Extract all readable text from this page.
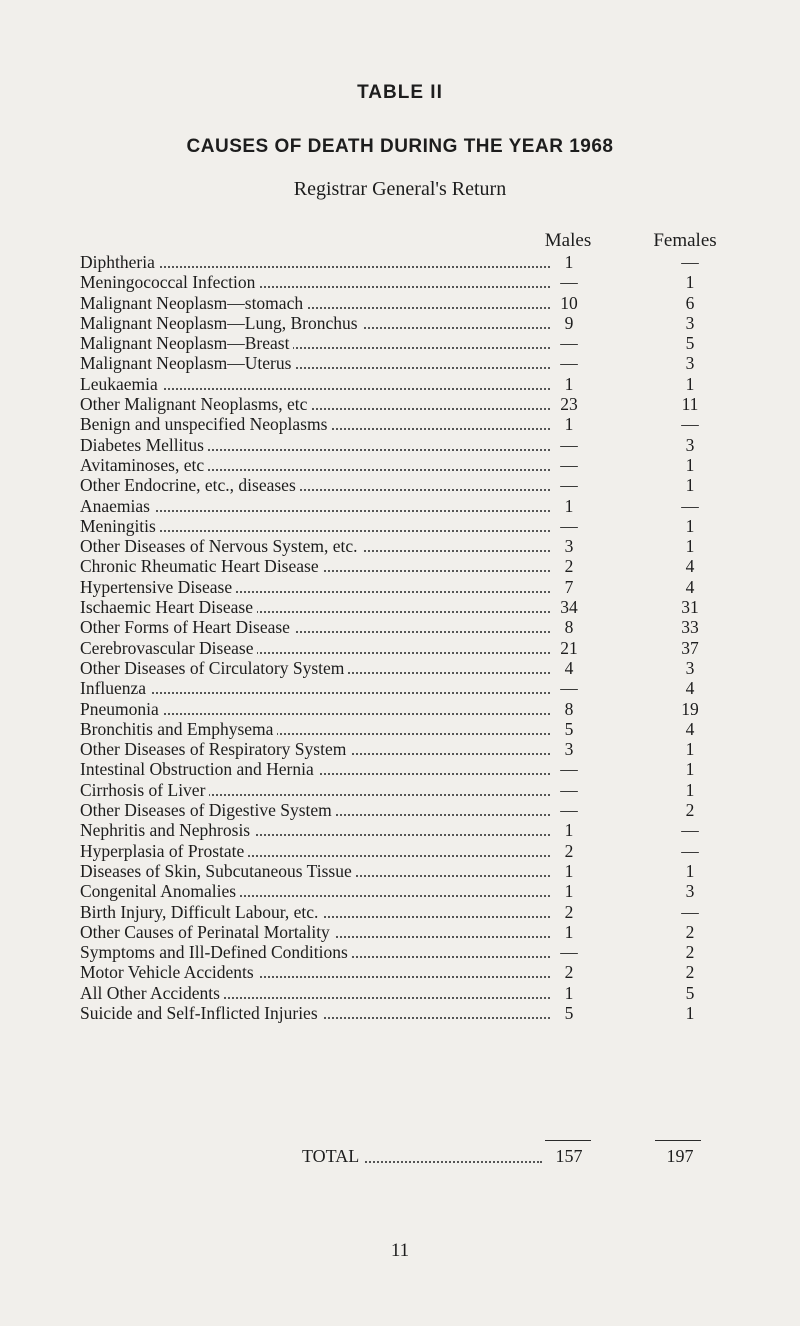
TABLE II
CAUSES OF DEATH DURING THE YEAR 1968
Registrar General's Return
Males	Females
Diphtheria	1	—
Meningococcal Infection	—	1
Malignant Neoplasm—stomach	10	6
Malignant Neoplasm—Lung, Bronchus	9	3
Malignant Neoplasm—Breast	—	5
Malignant Neoplasm—Uterus	—	3
Leukaemia	1	1
Other Malignant Neoplasms, etc	23	11
Benign and unspecified Neoplasms	1	—
Diabetes Mellitus	—	3
Avitaminoses, etc	—	1
Other Endocrine, etc., diseases	—	1
Anaemias	1	—
Meningitis	—	1
Other Diseases of Nervous System, etc.	3	1
Chronic Rheumatic Heart Disease	2	4
Hypertensive Disease	7	4
Ischaemic Heart Disease	34	31
Other Forms of Heart Disease	8	33
Cerebrovascular Disease	21	37
Other Diseases of Circulatory System	4	3
Influenza	—	4
Pneumonia	8	19
Bronchitis and Emphysema	5	4
Other Diseases of Respiratory System	3	1
Intestinal Obstruction and Hernia	—	1
Cirrhosis of Liver	—	1
Other Diseases of Digestive System	—	2
Nephritis and Nephrosis	1	—
Hyperplasia of Prostate	2	—
Diseases of Skin, Subcutaneous Tissue	1	1
Congenital Anomalies	1	3
Birth Injury, Difficult Labour, etc.	2	—
Other Causes of Perinatal Mortality	1	2
Symptoms and Ill-Defined Conditions	—	2
Motor Vehicle Accidents	2	2
All Other Accidents	1	5
Suicide and Self-Inflicted Injuries	5	1
TOTAL	157	197
11
